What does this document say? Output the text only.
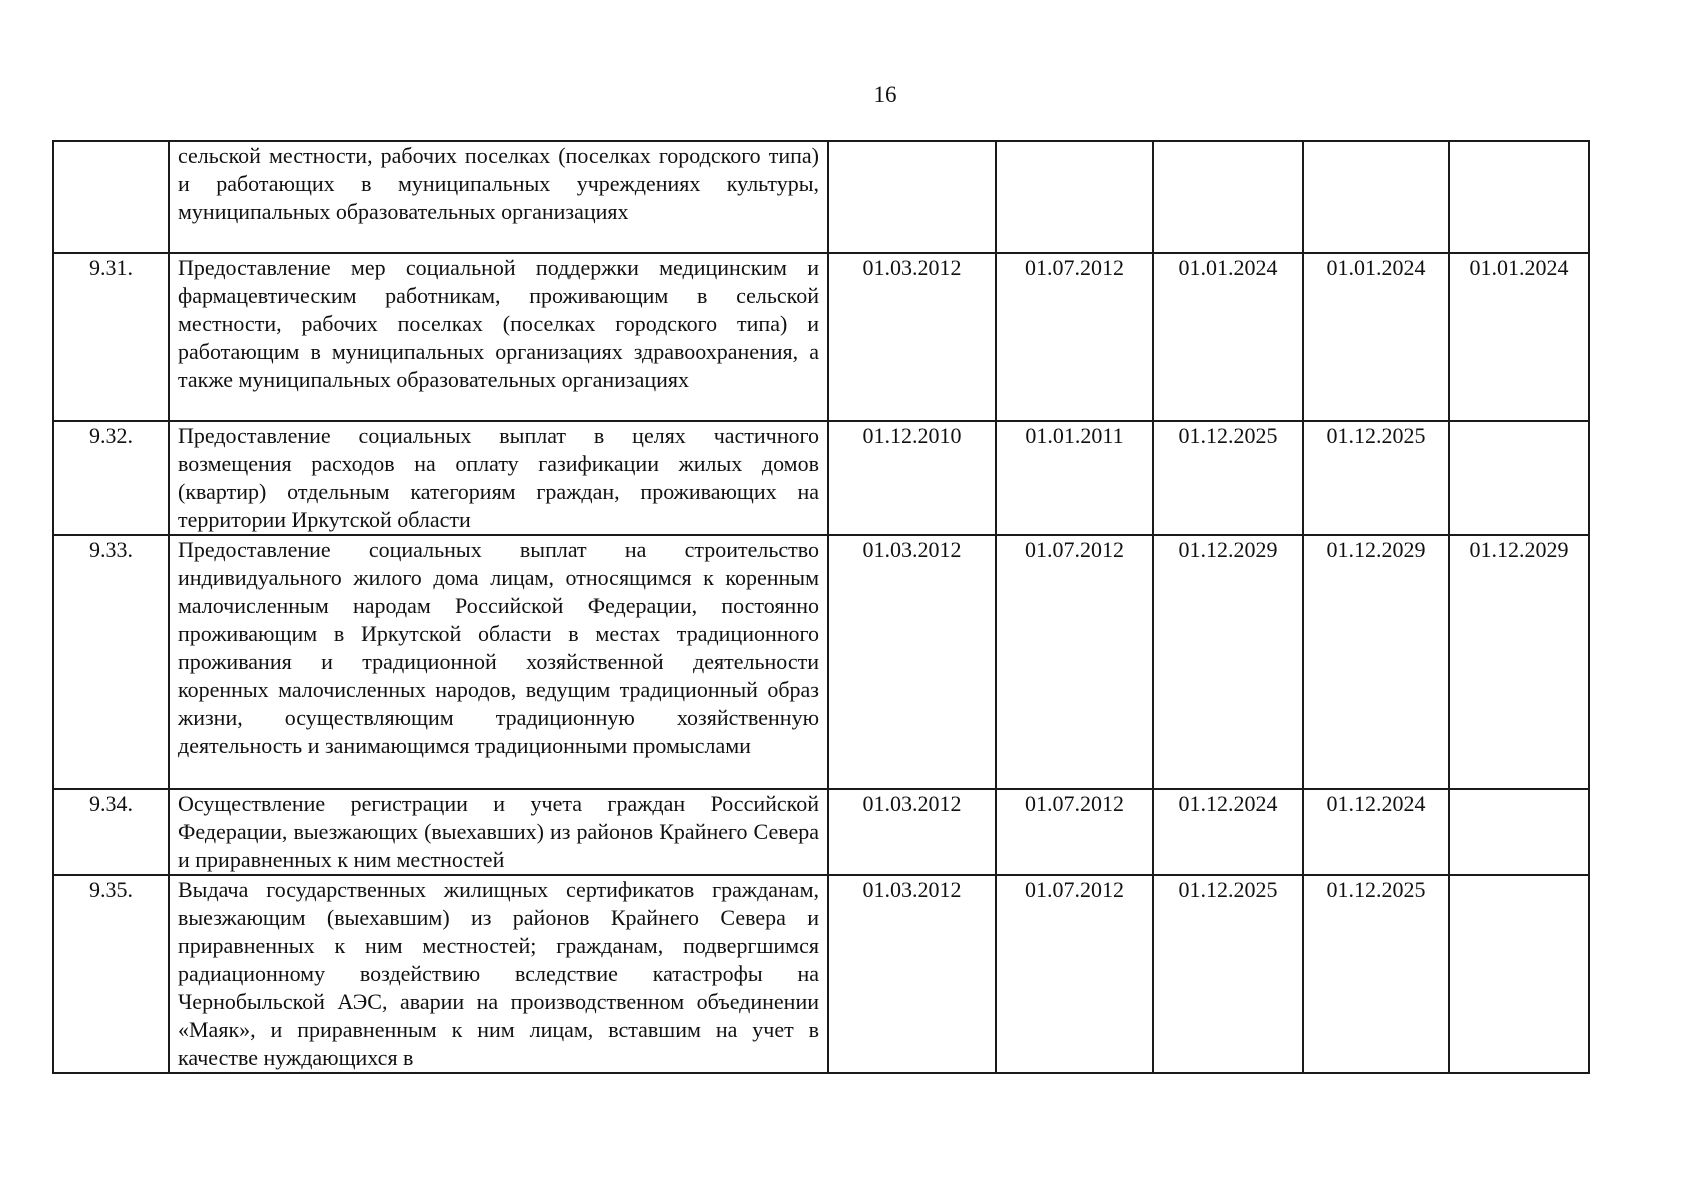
16
	сельской местности, рабочих поселках (поселках городского типа) и работающих в муниципальных учреждениях культуры, муниципальных образовательных организациях					
9.31.	Предоставление мер социальной поддержки медицинским и фармацевтическим работникам, проживающим в сельской местности, рабочих поселках (поселках городского типа) и работающим в муниципальных организациях здравоохранения, а также муниципальных образовательных организациях	01.03.2012	01.07.2012	01.01.2024	01.01.2024	01.01.2024
9.32.	Предоставление социальных выплат в целях частичного возмещения расходов на оплату газификации жилых домов (квартир) отдельным категориям граждан, проживающих на территории Иркутской области	01.12.2010	01.01.2011	01.12.2025	01.12.2025	
9.33.	Предоставление социальных выплат на строительство индивидуального жилого дома лицам, относящимся к коренным малочисленным народам Российской Федерации, постоянно проживающим в Иркутской области в местах традиционного проживания и традиционной хозяйственной деятельности коренных малочисленных народов, ведущим традиционный образ жизни, осуществляющим традиционную хозяйственную деятельность и занимающимся традиционными промыслами	01.03.2012	01.07.2012	01.12.2029	01.12.2029	01.12.2029
9.34.	Осуществление регистрации и учета граждан Российской Федерации, выезжающих (выехавших) из районов Крайнего Севера и приравненных к ним местностей	01.03.2012	01.07.2012	01.12.2024	01.12.2024	
9.35.	Выдача государственных жилищных сертификатов гражданам, выезжающим (выехавшим) из районов Крайнего Севера и приравненных к ним местностей; гражданам, подвергшимся радиационному воздействию вследствие катастрофы на Чернобыльской АЭС, аварии на производственном объединении «Маяк», и приравненным к ним лицам, вставшим на учет в качестве нуждающихся в	01.03.2012	01.07.2012	01.12.2025	01.12.2025	
